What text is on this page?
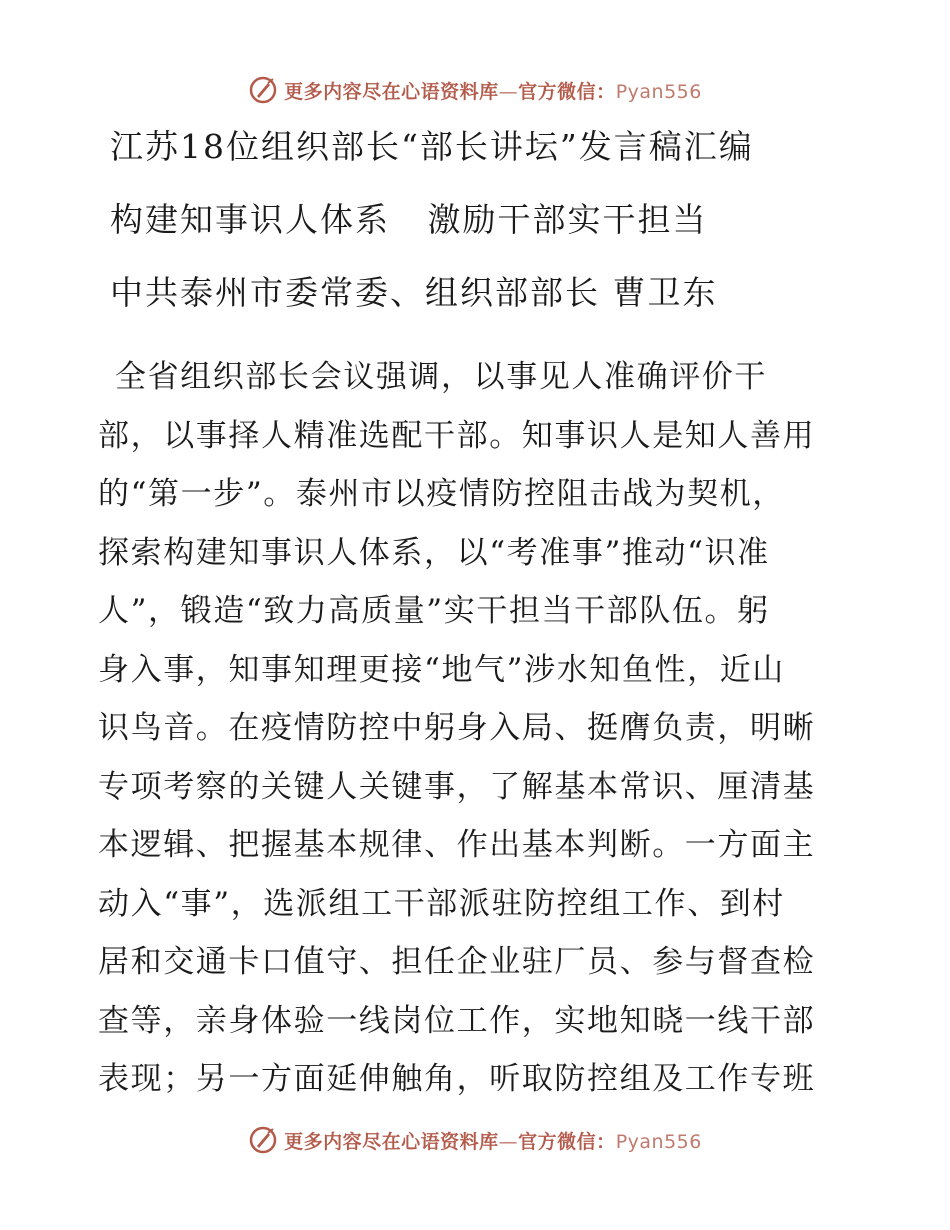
更多内容尽在心语资料库—官方微信：Pyan556
江苏18位组织部长“部长讲坛”发言稿汇编
构建知事识人体系   激励干部实干担当
中共泰州市委常委、组织部部长 曹卫东
全省组织部长会议强调，以事见人准确评价干
部，以事择人精准选配干部。知事识人是知人善用
的“第一步”。泰州市以疫情防控阻击战为契机，
探索构建知事识人体系，以“考准事”推动“识准
人”，锻造“致力高质量”实干担当干部队伍。躬
身入事，知事知理更接“地气”涉水知鱼性，近山
识鸟音。在疫情防控中躬身入局、挺膺负责，明晰
专项考察的关键人关键事，了解基本常识、厘清基
本逻辑、把握基本规律、作出基本判断。一方面主
动入“事”，选派组工干部派驻防控组工作、到村
居和交通卡口值守、担任企业驻厂员、参与督查检
查等，亲身体验一线岗位工作，实地知晓一线干部
表现；另一方面延伸触角，听取防控组及工作专班
更多内容尽在心语资料库—官方微信：Pyan556
